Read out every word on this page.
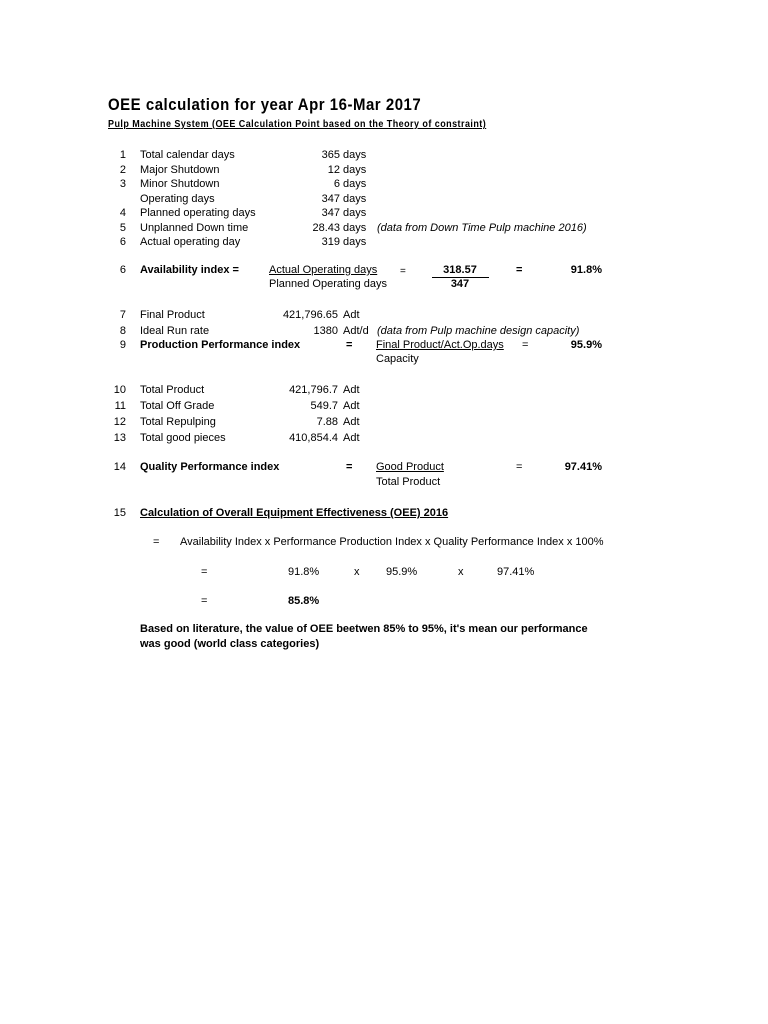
OEE calculation for year Apr 16-Mar 2017
Pulp Machine System (OEE Calculation Point based on the Theory of constraint)
1 Total calendar days	365 days
2 Major Shutdown	12 days
3 Minor Shutdown	6 days
Operating days	347 days
4 Planned operating days	347 days
5 Unplanned Down time	28.43 days (data from Down Time Pulp machine 2016)
6 Actual operating day	319 days
6 Availability index =	Actual Operating days =
Planned Operating days
318.57
347
=	91.8%
7 Final Product	421,796.65 Adt
8 Ideal Run rate	1380 Adt/d (data from Pulp machine design capacity)
9 Production Performance index	= Final Product/Act.Op.days =	95.9%
Capacity
10 Total Product	421,796.7 Adt
11 Total Off Grade	549.7 Adt
12 Total Repulping	7.88 Adt
13 Total good pieces	410,854.4 Adt
14 Quality Performance index	= Good Product
Total Product
=	97.41%
15 Calculation of Overall Equipment Effectiveness (OEE) 2016
= Availability Index x Performance Production Index x Quality Performance Index x 100%
=	91.8%	x 95.9%	x	97.41%
=	85.8%
Based on literature, the value of OEE beetwen 85% to 95%, it's mean our performance
was good (world class categories)
